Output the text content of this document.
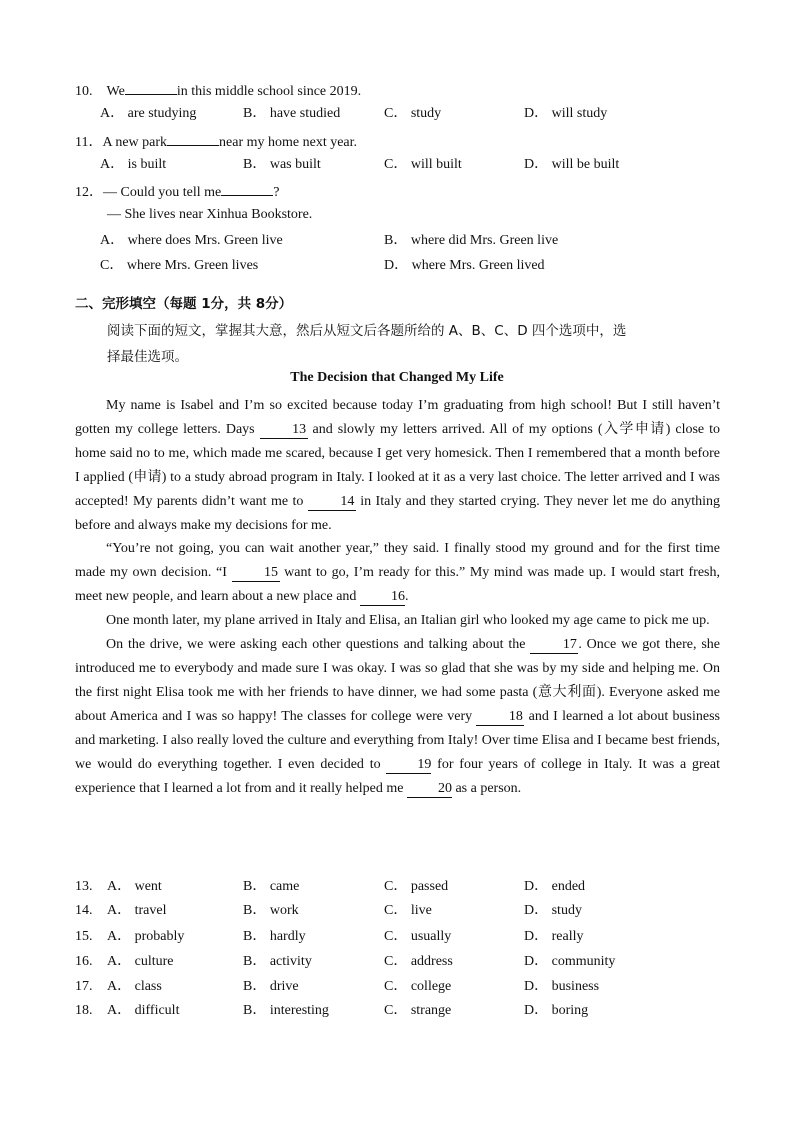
10. We	in this middle school since 2019.
A． are studying	B． have studied	C． study	D． will study
11．A new park	near my home next year.
A． is built	B． was built	C． will built	D． will be built
12．— Could you tell me	?
— She lives near Xinhua Bookstore.
A． where does Mrs. Green live	B． where did Mrs. Green live
C． where Mrs. Green lives	D． where Mrs. Green lived
二、完形填空（每题 1分，共 8分）
阅读下面的短文，掌握其大意，然后从短文后各题所给的 A、B、C、D 四个选项中，选
择最佳选项。
The Decision that Changed My Life

My name is Isabel and I’m so excited because today I’m graduating from high school! But I still haven’t gotten my college letters. Days 13 and slowly my letters arrived. All of my options (入学申请) close to home said no to me, which made me scared, because I get very homesick. Then I remembered that a month before I applied (申请) to a study abroad program in Italy. I looked at it as a very last choice. The letter arrived and I was accepted! My parents didn’t want me to 14 in Italy and they started crying. They never let me do anything before and always make my decisions for me.

“You’re not going, you can wait another year,” they said. I finally stood my ground and for the first time made my own decision. “I 15 want to go, I’m ready for this.” My mind was made up. I would start fresh, meet new people, and learn about a new place and 16.

One month later, my plane arrived in Italy and Elisa, an Italian girl who looked my age came to pick me up.

On the drive, we were asking each other questions and talking about the 17 . Once we got there, she introduced me to everybody and made sure I was okay. I was so glad that she was by my side and helping me. On the first night Elisa took me with her friends to have dinner, we had some pasta (意大利面). Everyone asked me about America and I was so happy! The classes for college were very 18 and I learned a lot about business and marketing. I also really loved the culture and everything from Italy! Over time Elisa and I became best friends, we would do everything together. I even decided to 19 for four years of college in Italy. It was a great experience that I learned a lot from and it really helped me 20 as a person.

13. A． went	B． came	C． passed	D． ended
14. A． travel	B． work	C． live	D． study
15. A． probably	B． hardly	C． usually	D． really
16. A． culture	B． activity	C． address	D． community
17. A． class	B． drive	C． college	D． business
18. A． difficult	B． interesting	C． strange	D． boring
